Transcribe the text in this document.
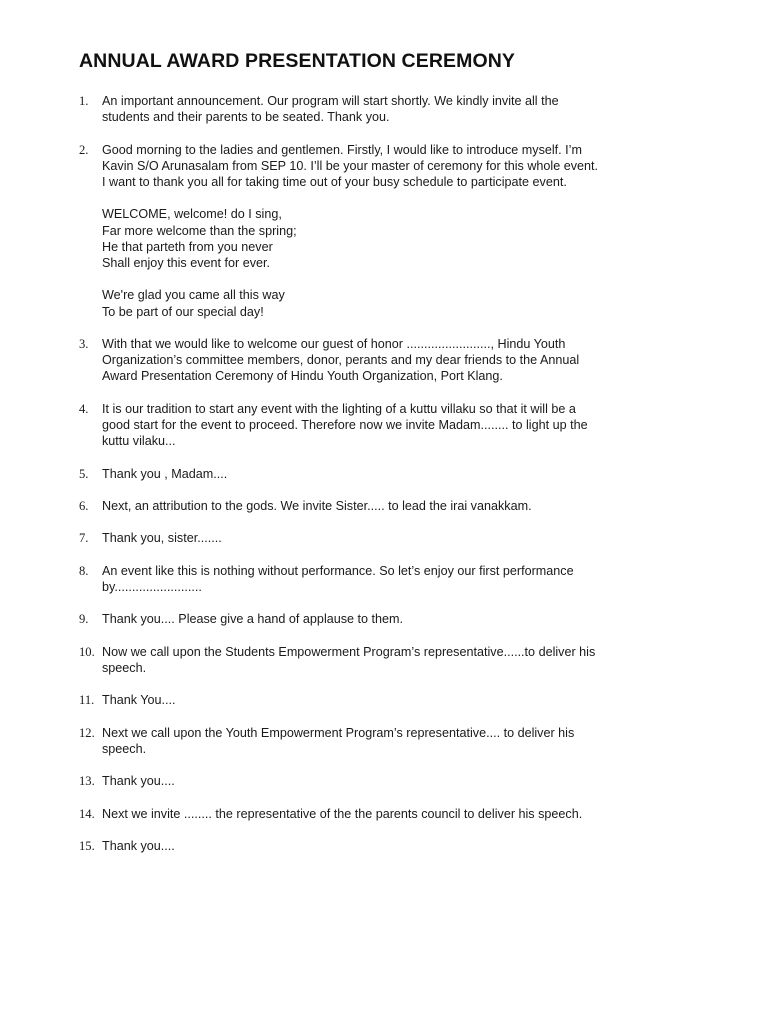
ANNUAL AWARD PRESENTATION CEREMONY
1. An important announcement. Our program will start shortly. We kindly invite all the
students and their parents to be seated. Thank you.
2. Good morning to the ladies and gentlemen. Firstly, I would like to introduce myself. I’m
Kavin S/O Arunasalam from SEP 10. I’ll be your master of ceremony for this whole event.
I want to thank you all for taking time out of your busy schedule to participate event.
WELCOME, welcome! do I sing,
Far more welcome than the spring;
He that parteth from you never
Shall enjoy this event for ever.
We're glad you came all this way
To be part of our special day!
3. With that we would like to welcome our guest of honor ........................, Hindu Youth
Organization’s committee members, donor, perants and my dear friends to the Annual
Award Presentation Ceremony of Hindu Youth Organization, Port Klang.
4. It is our tradition to start any event with the lighting of a kuttu villaku so that it will be a
good start for the event to proceed. Therefore now we invite Madam........ to light up the
kuttu vilaku...
5. Thank you , Madam....
6. Next, an attribution to the gods. We invite Sister..... to lead the irai vanakkam.
7. Thank you, sister.......
8. An event like this is nothing without performance. So let’s enjoy our first performance
by.........................
9. Thank you.... Please give a hand of applause to them.
10. Now we call upon the Students Empowerment Program’s representative......to deliver his
speech.
11. Thank You....
12. Next we call upon the Youth Empowerment Program’s representative.... to deliver his
speech.
13. Thank you....
14. Next we invite ........ the representative of the the parents council to deliver his speech.
15. Thank you....
